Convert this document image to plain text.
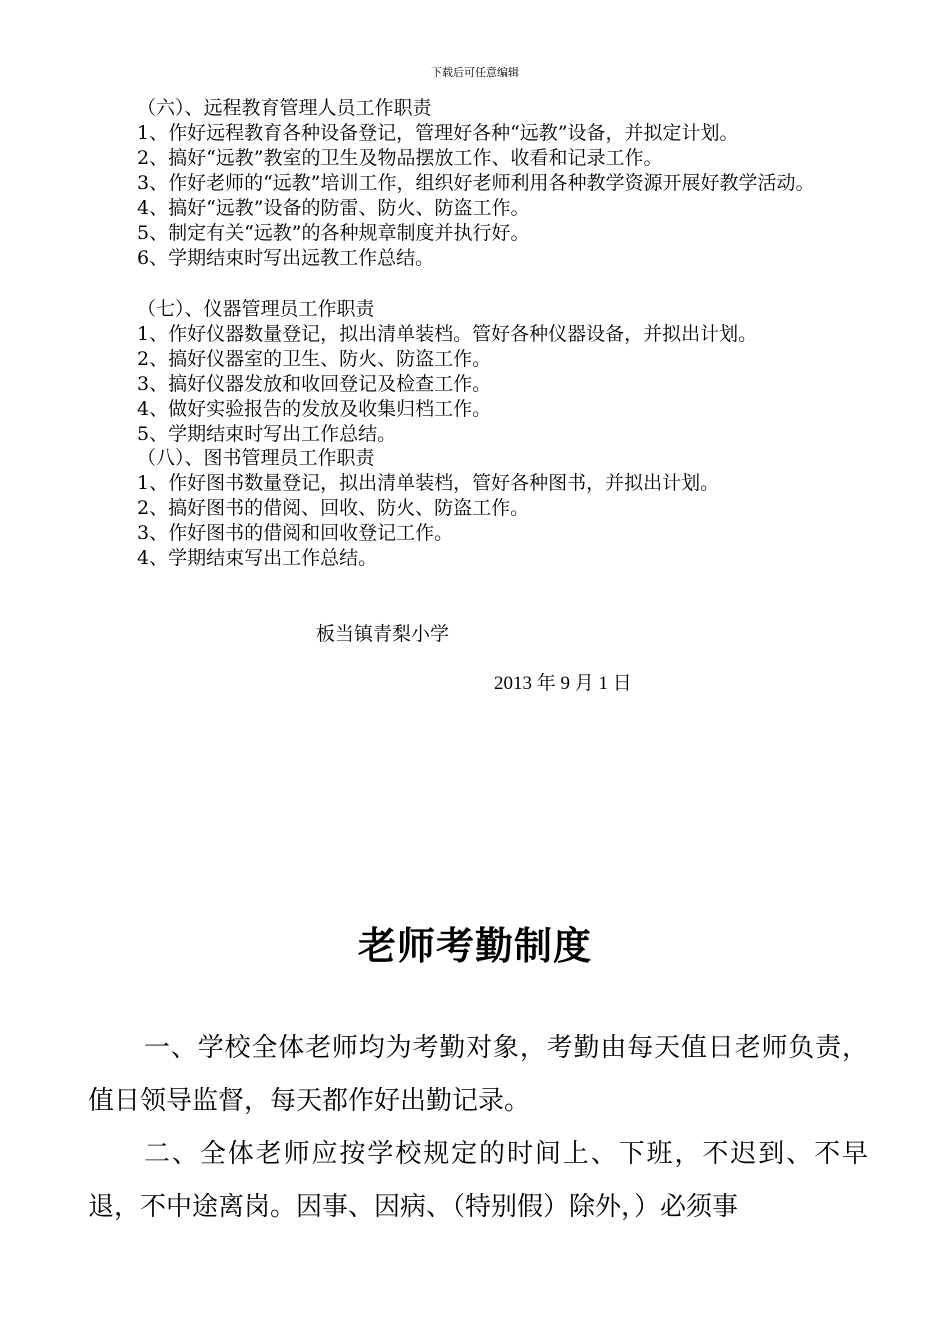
下载后可任意编辑
（六）、远程教育管理人员工作职责
1、作好远程教育各种设备登记，管理好各种“远教”设备，并拟定计划。
2、搞好“远教”教室的卫生及物品摆放工作、收看和记录工作。
3、作好老师的“远教”培训工作，组织好老师利用各种教学资源开展好教学活动。
4、搞好“远教”设备的防雷、防火、防盗工作。
5、制定有关“远教”的各种规章制度并执行好。
6、学期结束时写出远教工作总结。
（七）、仪器管理员工作职责
1、作好仪器数量登记，拟出清单装档。管好各种仪器设备，并拟出计划。
2、搞好仪器室的卫生、防火、防盗工作。
3、搞好仪器发放和收回登记及检查工作。
4、做好实验报告的发放及收集归档工作。
5、学期结束时写出工作总结。
（八）、图书管理员工作职责
1、作好图书数量登记，拟出清单装档，管好各种图书，并拟出计划。
2、搞好图书的借阅、回收、防火、防盗工作。
3、作好图书的借阅和回收登记工作。
4、学期结束写出工作总结。
板当镇青梨小学
2013 年 9 月 1 日
老师考勤制度

一、学校全体老师均为考勤对象，考勤由每天值日老师负责，值日领导监督，每天都作好出勤记录。

二、全体老师应按学校规定的时间上、下班，不迟到、不早退，不中途离岗。因事、因病、（特别假）除外，）必须事
